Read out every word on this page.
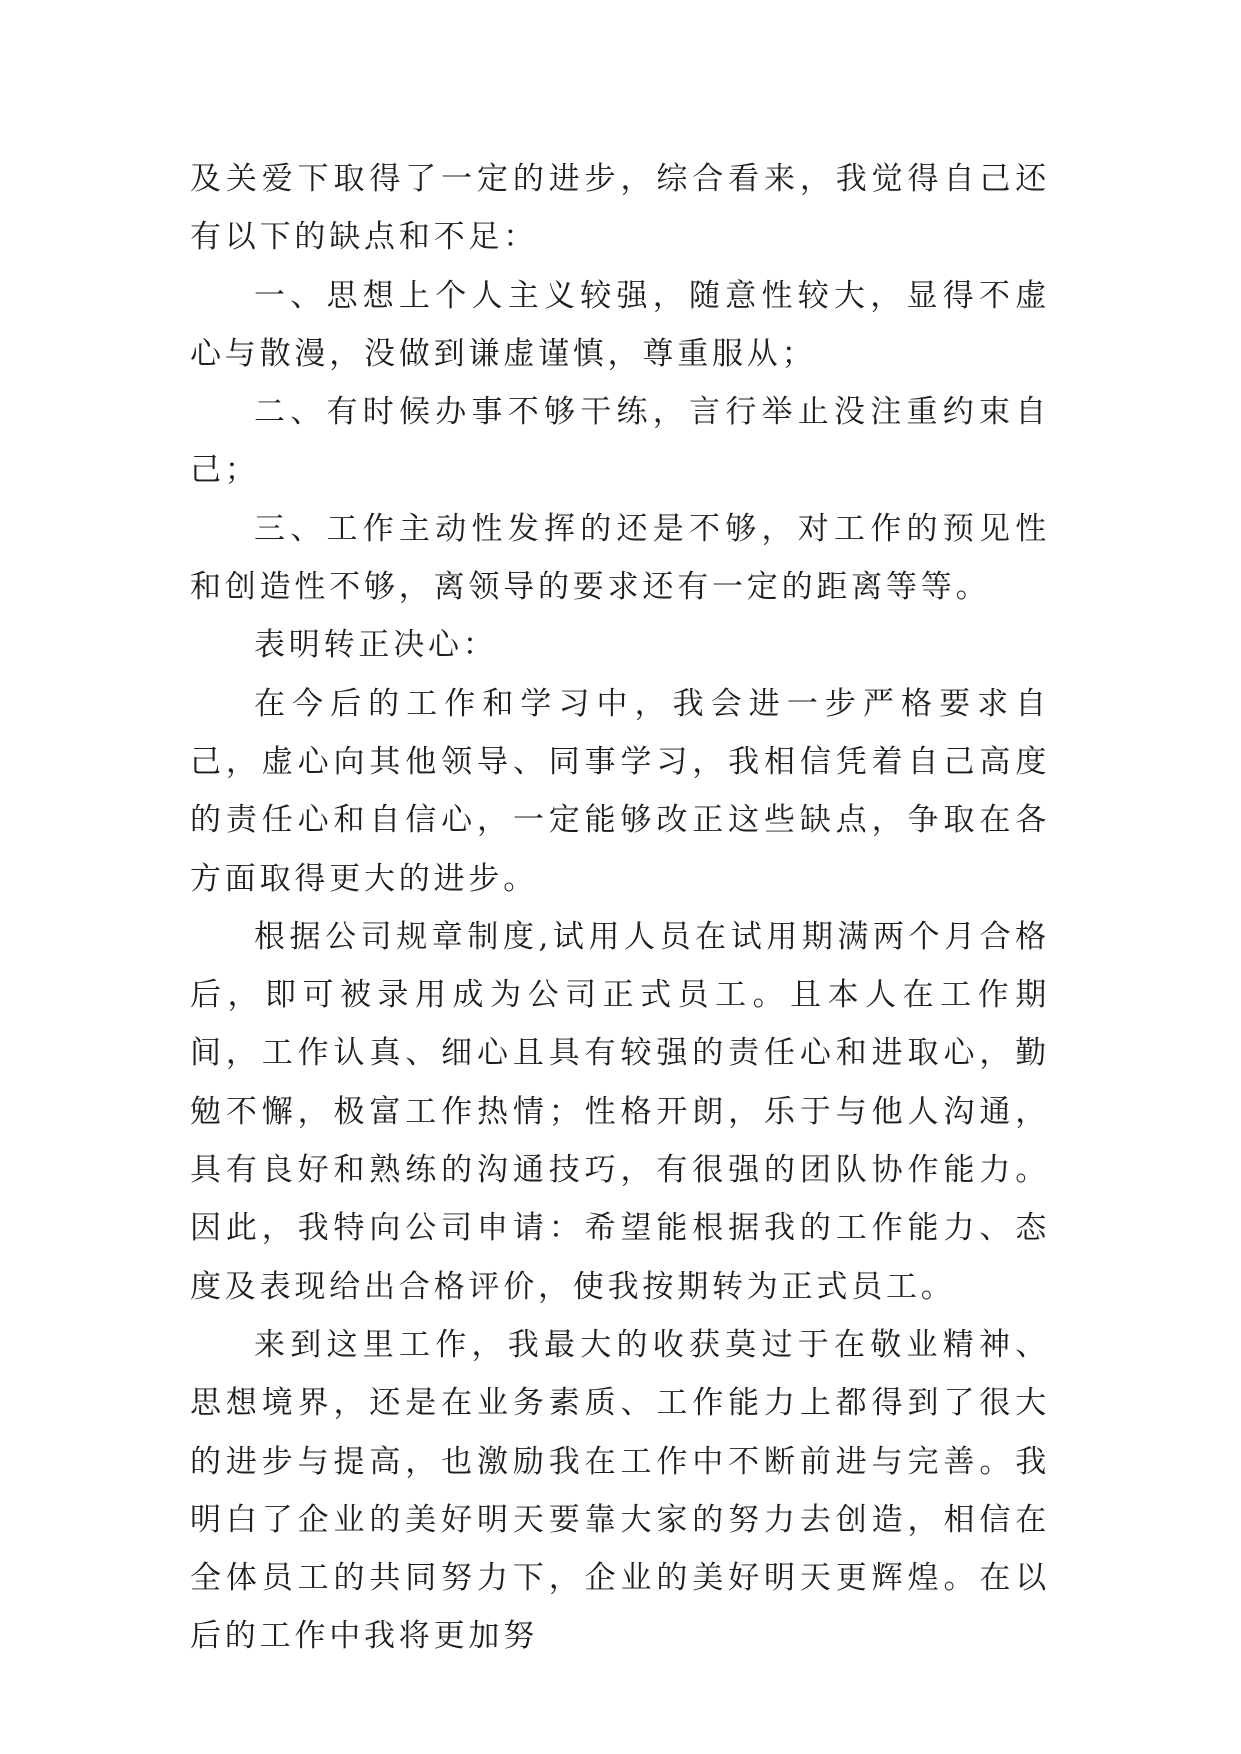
及关爱下取得了一定的进步，综合看来，我觉得自己还有以下的缺点和不足：

一、思想上个人主义较强，随意性较大，显得不虚心与散漫，没做到谦虚谨慎，尊重服从；

二、有时候办事不够干练，言行举止没注重约束自己；

三、工作主动性发挥的还是不够，对工作的预见性和创造性不够，离领导的要求还有一定的距离等等。

表明转正决心：

在今后的工作和学习中，我会进一步严格要求自己，虚心向其他领导、同事学习，我相信凭着自己高度的责任心和自信心，一定能够改正这些缺点，争取在各方面取得更大的进步。

根据公司规章制度,试用人员在试用期满两个月合格后，即可被录用成为公司正式员工。且本人在工作期间，工作认真、细心且具有较强的责任心和进取心，勤勉不懈，极富工作热情；性格开朗，乐于与他人沟通，具有良好和熟练的沟通技巧，有很强的团队协作能力。因此，我特向公司申请：希望能根据我的工作能力、态度及表现给出合格评价，使我按期转为正式员工。

来到这里工作，我最大的收获莫过于在敬业精神、思想境界，还是在业务素质、工作能力上都得到了很大的进步与提高，也激励我在工作中不断前进与完善。我明白了企业的美好明天要靠大家的努力去创造，相信在全体员工的共同努力下，企业的美好明天更辉煌。在以后的工作中我将更加努
